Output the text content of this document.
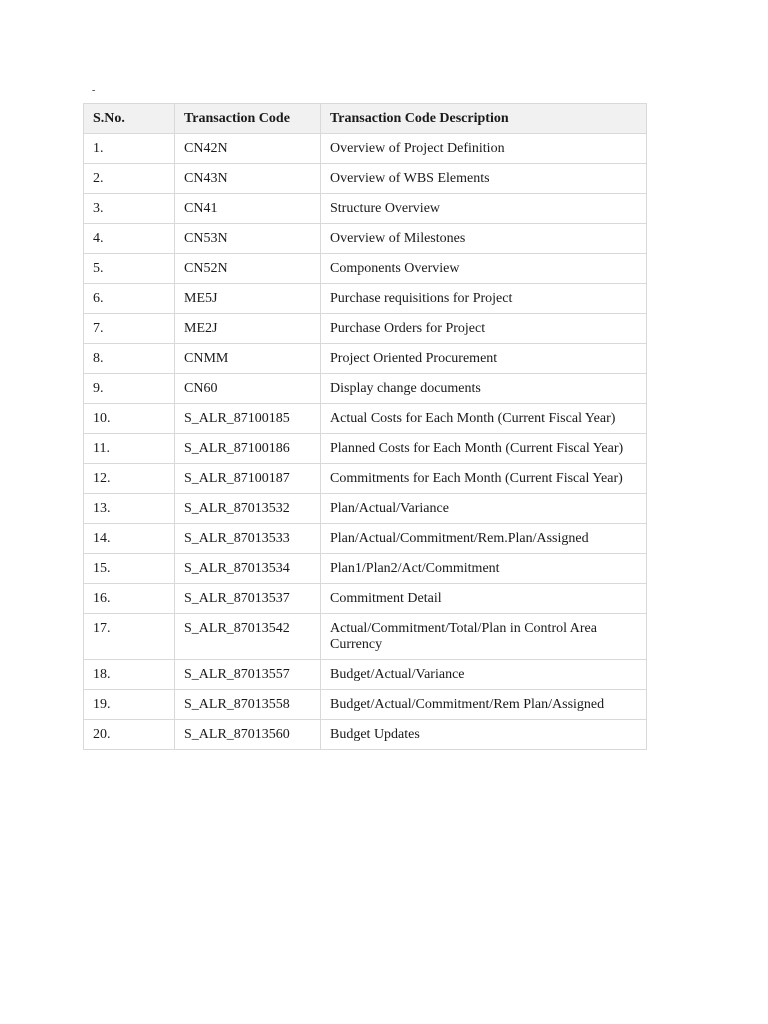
-
S.No.	Transaction Code	Transaction Code Description
1.	CN42N	Overview of Project Definition
2.	CN43N	Overview of WBS Elements
3.	CN41	Structure Overview
4.	CN53N	Overview of Milestones
5.	CN52N	Components Overview
6.	ME5J	Purchase requisitions for Project
7.	ME2J	Purchase Orders for Project
8.	CNMM	Project Oriented Procurement
9.	CN60	Display change documents
10.	S_ALR_87100185	Actual Costs for Each Month (Current Fiscal Year)
11.	S_ALR_87100186	Planned Costs for Each Month (Current Fiscal Year)
12.	S_ALR_87100187	Commitments for Each Month (Current Fiscal Year)
13.	S_ALR_87013532	Plan/Actual/Variance
14.	S_ALR_87013533	Plan/Actual/Commitment/Rem.Plan/Assigned
15.	S_ALR_87013534	Plan1/Plan2/Act/Commitment
16.	S_ALR_87013537	Commitment Detail
17.	S_ALR_87013542	Actual/Commitment/Total/Plan in Control Area Currency
18.	S_ALR_87013557	Budget/Actual/Variance
19.	S_ALR_87013558	Budget/Actual/Commitment/Rem Plan/Assigned
20.	S_ALR_87013560	Budget Updates
